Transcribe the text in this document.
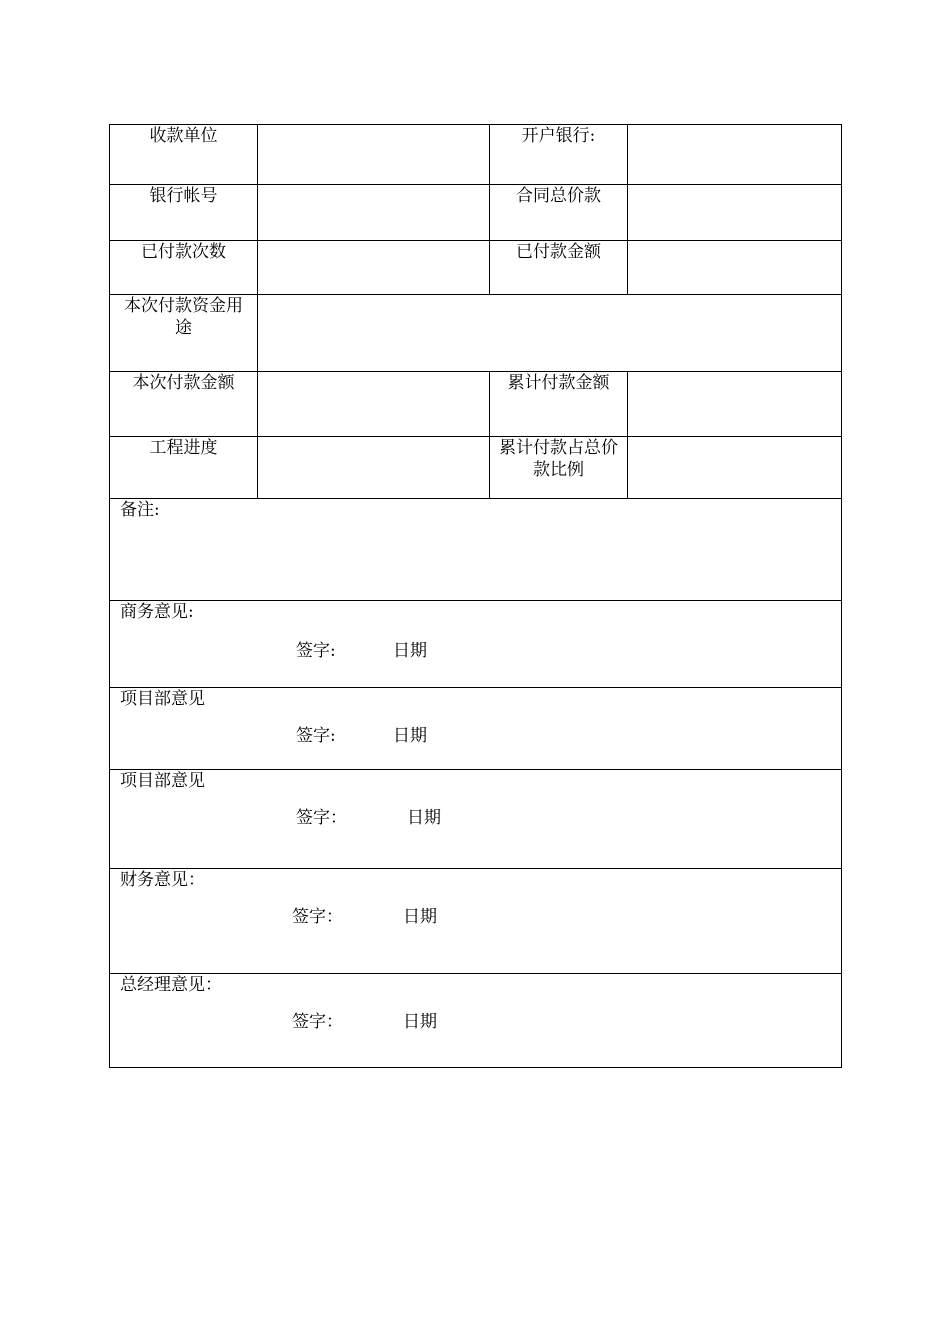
收款单位		开户银行:	

银行帐号		合同总价款	

已付款次数		已付款金额	

本次付款资金用途			

本次付款金额		累计付款金额	

工程进度		累计付款占总价款比例	

备注:			

商务意见:
签字: 日期			

项目部意见
签字: 日期			

项目部意见
签字： 日期			

财务意见：
签字： 日期			

总经理意见：
签字： 日期			
